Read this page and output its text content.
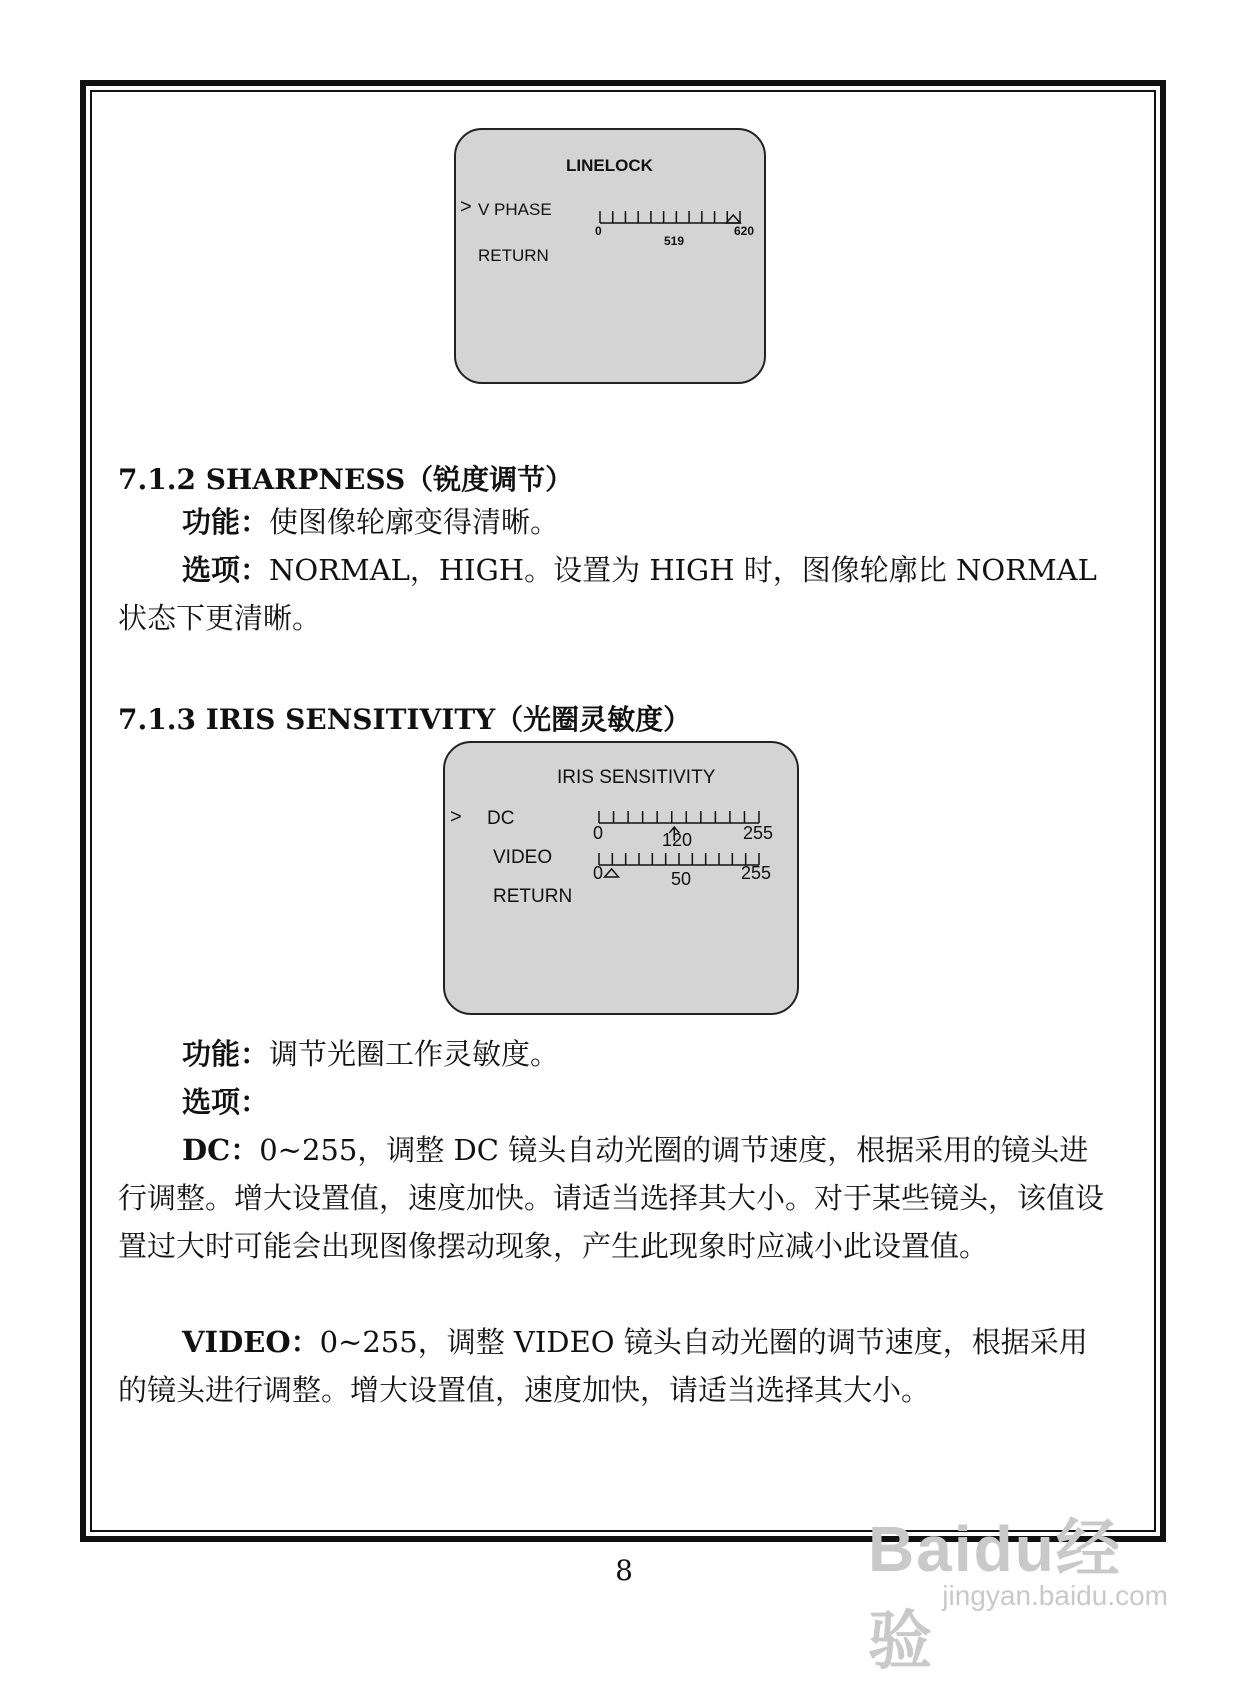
LINELOCK
> V PHASE
RETURN
0
519
620
7.1.2 SHARPNESS（锐度调节）
功能：使图像轮廓变得清晰。
选项：NORMAL，HIGH。设置为 HIGH 时，图像轮廓比 NORMAL 状态下更清晰。
7.1.3 IRIS SENSITIVITY（光圈灵敏度）
IRIS SENSITIVITY
> DC
VIDEO
RETURN
0	120	255
0	50	255
功能：调节光圈工作灵敏度。
选项：
DC：0~255，调整 DC 镜头自动光圈的调节速度，根据采用的镜头进行调整。增大设置值，速度加快。请适当选择其大小。对于某些镜头，该值设置过大时可能会出现图像摆动现象，产生此现象时应减小此设置值。
VIDEO：0~255，调整 VIDEO 镜头自动光圈的调节速度，根据采用的镜头进行调整。增大设置值，速度加快，请适当选择其大小。
8	Baidu经验
jingyan.baidu.com
